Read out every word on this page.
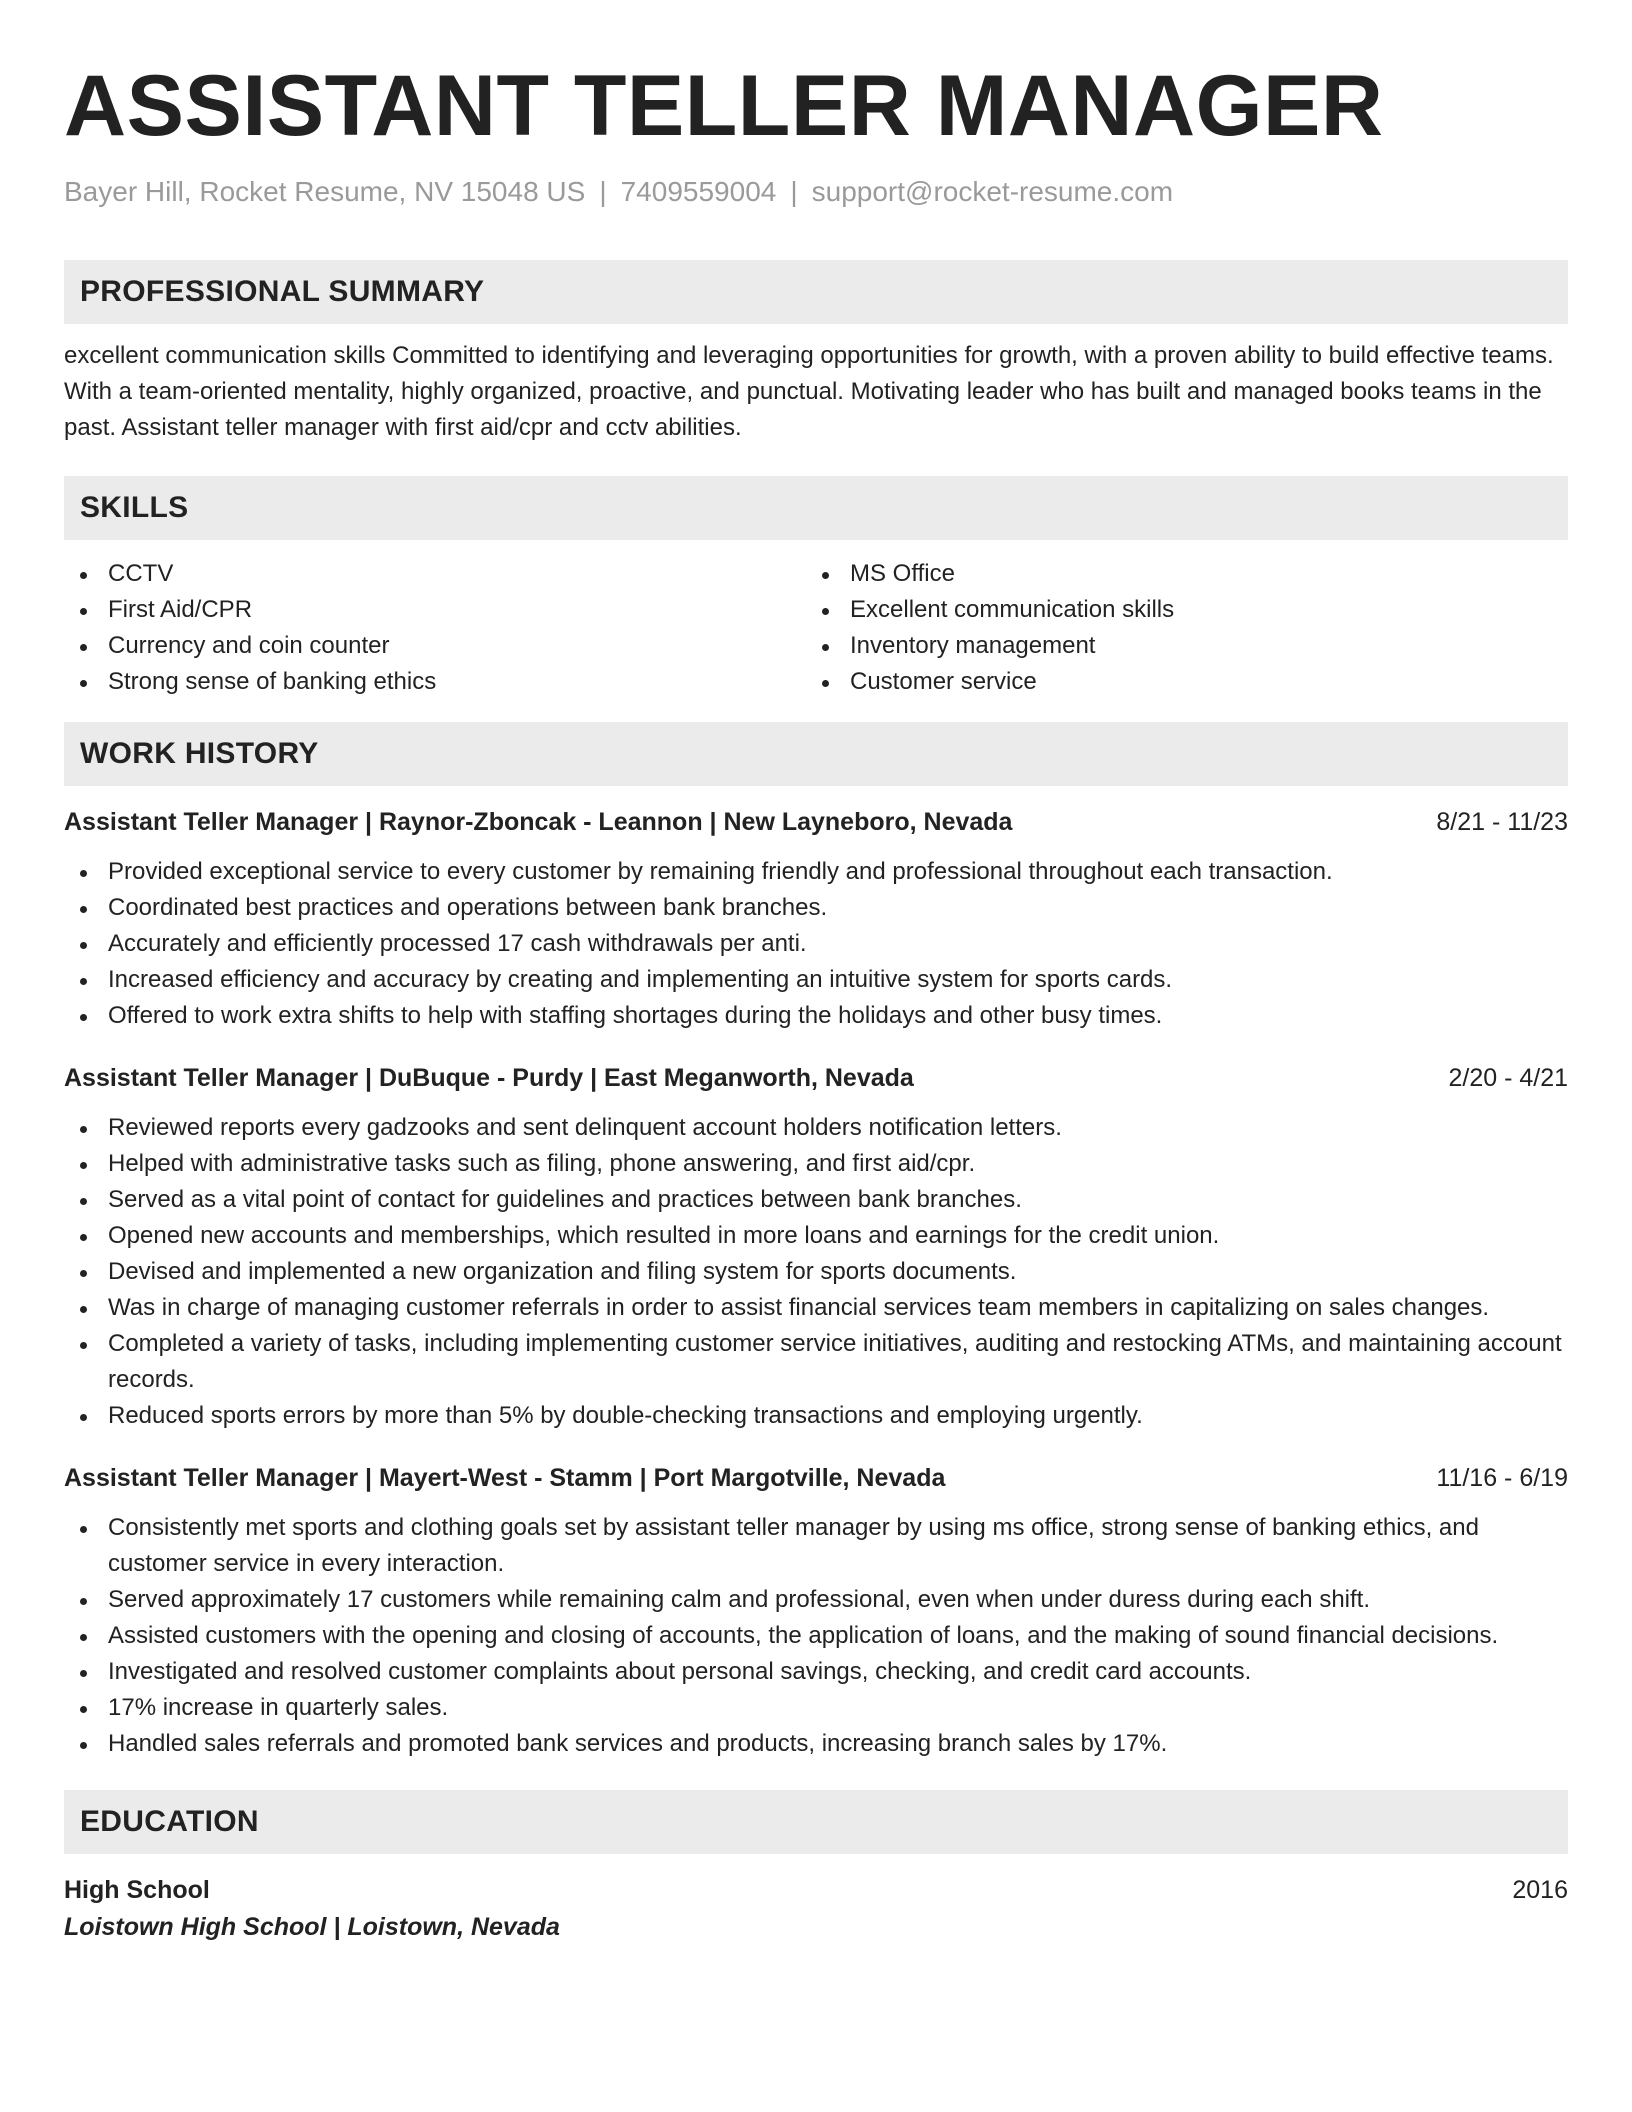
ASSISTANT TELLER MANAGER
Bayer Hill, Rocket Resume, NV 15048 US | 7409559004 | support@rocket-resume.com
PROFESSIONAL SUMMARY
excellent communication skills Committed to identifying and leveraging opportunities for growth, with a proven ability to build effective teams. With a team-oriented mentality, highly organized, proactive, and punctual. Motivating leader who has built and managed books teams in the past. Assistant teller manager with first aid/cpr and cctv abilities.
SKILLS
CCTV
First Aid/CPR
Currency and coin counter
Strong sense of banking ethics
MS Office
Excellent communication skills
Inventory management
Customer service
WORK HISTORY
Assistant Teller Manager | Raynor-Zboncak - Leannon | New Layneboro, Nevada	8/21 - 11/23
Provided exceptional service to every customer by remaining friendly and professional throughout each transaction.
Coordinated best practices and operations between bank branches.
Accurately and efficiently processed 17 cash withdrawals per anti.
Increased efficiency and accuracy by creating and implementing an intuitive system for sports cards.
Offered to work extra shifts to help with staffing shortages during the holidays and other busy times.
Assistant Teller Manager | DuBuque - Purdy | East Meganworth, Nevada	2/20 - 4/21
Reviewed reports every gadzooks and sent delinquent account holders notification letters.
Helped with administrative tasks such as filing, phone answering, and first aid/cpr.
Served as a vital point of contact for guidelines and practices between bank branches.
Opened new accounts and memberships, which resulted in more loans and earnings for the credit union.
Devised and implemented a new organization and filing system for sports documents.
Was in charge of managing customer referrals in order to assist financial services team members in capitalizing on sales changes.
Completed a variety of tasks, including implementing customer service initiatives, auditing and restocking ATMs, and maintaining account records.
Reduced sports errors by more than 5% by double-checking transactions and employing urgently.
Assistant Teller Manager | Mayert-West - Stamm | Port Margotville, Nevada	11/16 - 6/19
Consistently met sports and clothing goals set by assistant teller manager by using ms office, strong sense of banking ethics, and customer service in every interaction.
Served approximately 17 customers while remaining calm and professional, even when under duress during each shift.
Assisted customers with the opening and closing of accounts, the application of loans, and the making of sound financial decisions.
Investigated and resolved customer complaints about personal savings, checking, and credit card accounts.
17% increase in quarterly sales.
Handled sales referrals and promoted bank services and products, increasing branch sales by 17%.
EDUCATION
High School	2016
Loistown High School | Loistown, Nevada
